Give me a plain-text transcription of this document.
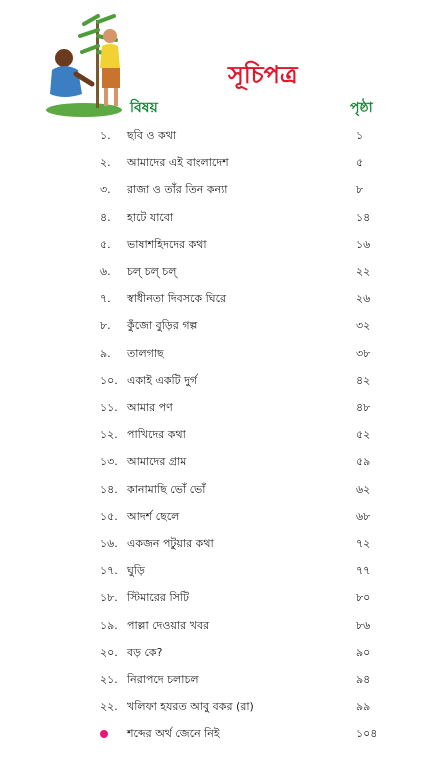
সূচিপত্র
বিষয়	পৃষ্ঠা
১. ছবি ও কথা	১
২. আমাদের এই বাংলাদেশ	৫
৩. রাজা ও তাঁর তিন কন্যা	৮
৪. হাটে যাবো	১৪
৫. ভাষাশহিদদের কথা	১৬
৬. চল্ চল্ চল্	২২
৭. স্বাধীনতা দিবসকে ঘিরে	২৬
৮. কুঁজো বুড়ির গল্প	৩২
৯. তালগাছ	৩৮
১০. একাই একটি দুর্গ	৪২
১১. আমার পণ	৪৮
১২. পাখিদের কথা	৫২
১৩. আমাদের গ্রাম	৫৯
১৪. কানামাছি ভোঁ ভোঁ	৬২
১৫. আদর্শ ছেলে	৬৮
১৬. একজন পটুয়ার কথা	৭২
১৭. ঘুড়ি	৭৭
১৮. স্টিমারের সিটি	৮০
১৯. পাল্লা দেওয়ার খবর	৮৬
২০. বড় কে?	৯০
২১. নিরাপদে চলাচল	৯৪
২২. খলিফা হযরত আবু বকর (রা)	৯৯
শব্দের অর্থ জেনে নিই	১০৪
